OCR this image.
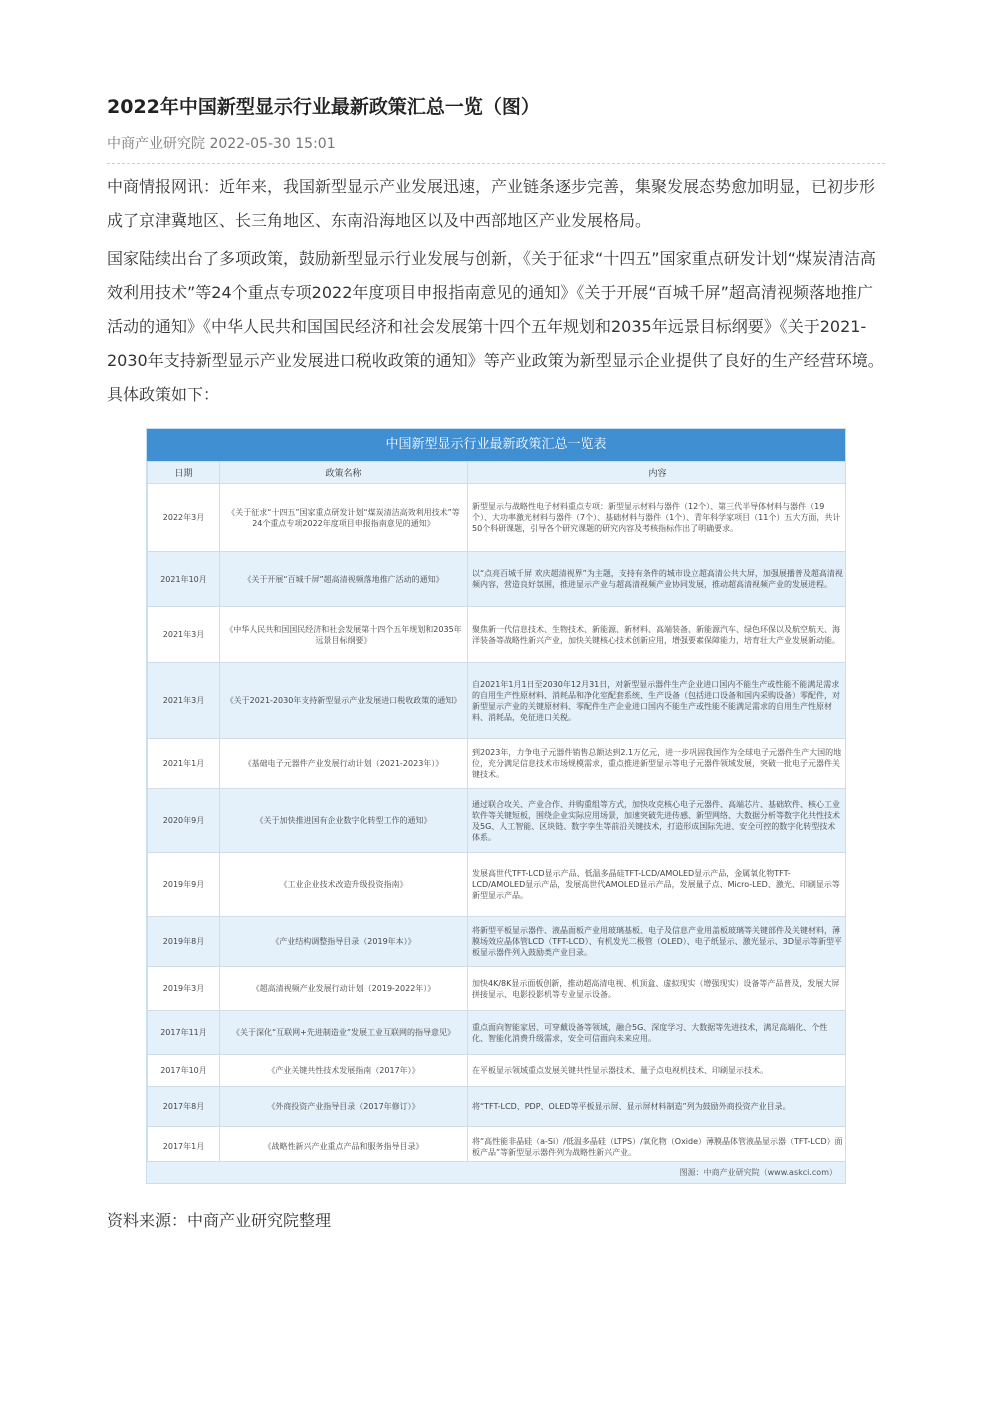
2022年中国新型显示行业最新政策汇总一览（图）
中商产业研究院 2022-05-30 15:01

中商情报网讯：近年来，我国新型显示产业发展迅速，产业链条逐步完善，集聚发展态势愈加明显，已初步形成了京津冀地区、长三角地区、东南沿海地区以及中西部地区产业发展格局。

国家陆续出台了多项政策，鼓励新型显示行业发展与创新，《关于征求“十四五”国家重点研发计划“煤炭清洁高效利用技术”等24个重点专项2022年度项目申报指南意见的通知》《关于开展“百城千屏”超高清视频落地推广活动的通知》《中华人民共和国国民经济和社会发展第十四个五年规划和2035年远景目标纲要》《关于2021-2030年支持新型显示产业发展进口税收政策的通知》等产业政策为新型显示企业提供了良好的生产经营环境。具体政策如下：

中国新型显示行业最新政策汇总一览表
日期	政策名称	内容
2022年3月	《关于征求“十四五”国家重点研发计划“煤炭清洁高效利用技术”等24个重点专项2022年度项目申报指南意见的通知》	新型显示与战略性电子材料重点专项：新型显示材料与器件（12个）、第三代半导体材料与器件（19个）、大功率激光材料与器件（7个）、基础材料与器件（1个）、青年科学家项目（11个）五大方面，共计50个科研课题，引导各个研究课题的研究内容及考核指标作出了明确要求。
2021年10月	《关于开展“百城千屏”超高清视频落地推广活动的通知》	以“点亮百城千屏 欢庆超清视界”为主题，支持有条件的城市设立超高清公共大屏，加强展播普及超高清视频内容，营造良好氛围，推进显示产业与超高清视频产业协同发展，推动超高清视频产业的发展进程。
2021年3月	《中华人民共和国国民经济和社会发展第十四个五年规划和2035年远景目标纲要》	聚焦新一代信息技术、生物技术、新能源、新材料、高端装备、新能源汽车、绿色环保以及航空航天、海洋装备等战略性新兴产业，加快关键核心技术创新应用，增强要素保障能力，培育壮大产业发展新动能。
2021年3月	《关于2021-2030年支持新型显示产业发展进口税收政策的通知》	自2021年1月1日至2030年12月31日，对新型显示器件生产企业进口国内不能生产或性能不能满足需求的自用生产性原材料、消耗品和净化室配套系统、生产设备（包括进口设备和国内采购设备）零配件，对新型显示产业的关键原材料、零配件生产企业进口国内不能生产或性能不能满足需求的自用生产性原材料、消耗品，免征进口关税。
2021年1月	《基础电子元器件产业发展行动计划（2021-2023年）》	到2023年，力争电子元器件销售总额达到2.1万亿元，进一步巩固我国作为全球电子元器件生产大国的地位，充分满足信息技术市场规模需求，重点推进新型显示等电子元器件领域发展，突破一批电子元器件关键技术。
2020年9月	《关于加快推进国有企业数字化转型工作的通知》	通过联合攻关、产业合作、并购重组等方式，加快攻克核心电子元器件、高端芯片、基础软件、核心工业软件等关键短板，围绕企业实际应用场景，加速突破先进传感、新型网络、大数据分析等数字化共性技术及5G、人工智能、区块链、数字孪生等前沿关键技术，打造形成国际先进、安全可控的数字化转型技术体系。
2019年9月	《工业企业技术改造升级投资指南》	发展高世代TFT-LCD显示产品、低温多晶硅TFT-LCD/AMOLED显示产品，金属氧化物TFT-LCD/AMOLED显示产品，发展高世代AMOLED显示产品，发展量子点、Micro-LED、激光、印刷显示等新型显示产品。
2019年8月	《产业结构调整指导目录（2019年本）》	将新型平板显示器件、液晶面板产业用玻璃基板、电子及信息产业用盖板玻璃等关键部件及关键材料，薄膜场效应晶体管LCD（TFT-LCD）、有机发光二极管（OLED）、电子纸显示、激光显示、3D显示等新型平板显示器件列入鼓励类产业目录。
2019年3月	《超高清视频产业发展行动计划（2019-2022年）》	加快4K/8K显示面板创新，推动超高清电视、机顶盒、虚拟现实（增强现实）设备等产品普及，发展大屏拼接显示、电影投影机等专业显示设备。
2017年11月	《关于深化“互联网+先进制造业”发展工业互联网的指导意见》	重点面向智能家居、可穿戴设备等领域，融合5G、深度学习、大数据等先进技术，满足高端化、个性化、智能化消费升级需求，安全可信面向未来应用。
2017年10月	《产业关键共性技术发展指南（2017年）》	在平板显示领域重点发展关键共性显示器技术、量子点电视机技术、印刷显示技术。
2017年8月	《外商投资产业指导目录（2017年修订）》	将“TFT-LCD、PDP、OLED等平板显示屏、显示屏材料制造”列为鼓励外商投资产业目录。
2017年1月	《战略性新兴产业重点产品和服务指导目录》	将“高性能非晶硅（a-Si）/低温多晶硅（LTPS）/氧化物（Oxide）薄膜晶体管液晶显示器（TFT-LCD）面板产品”等新型显示器件列为战略性新兴产业。
图源：中商产业研究院（www.askci.com）
资料来源：中商产业研究院整理
